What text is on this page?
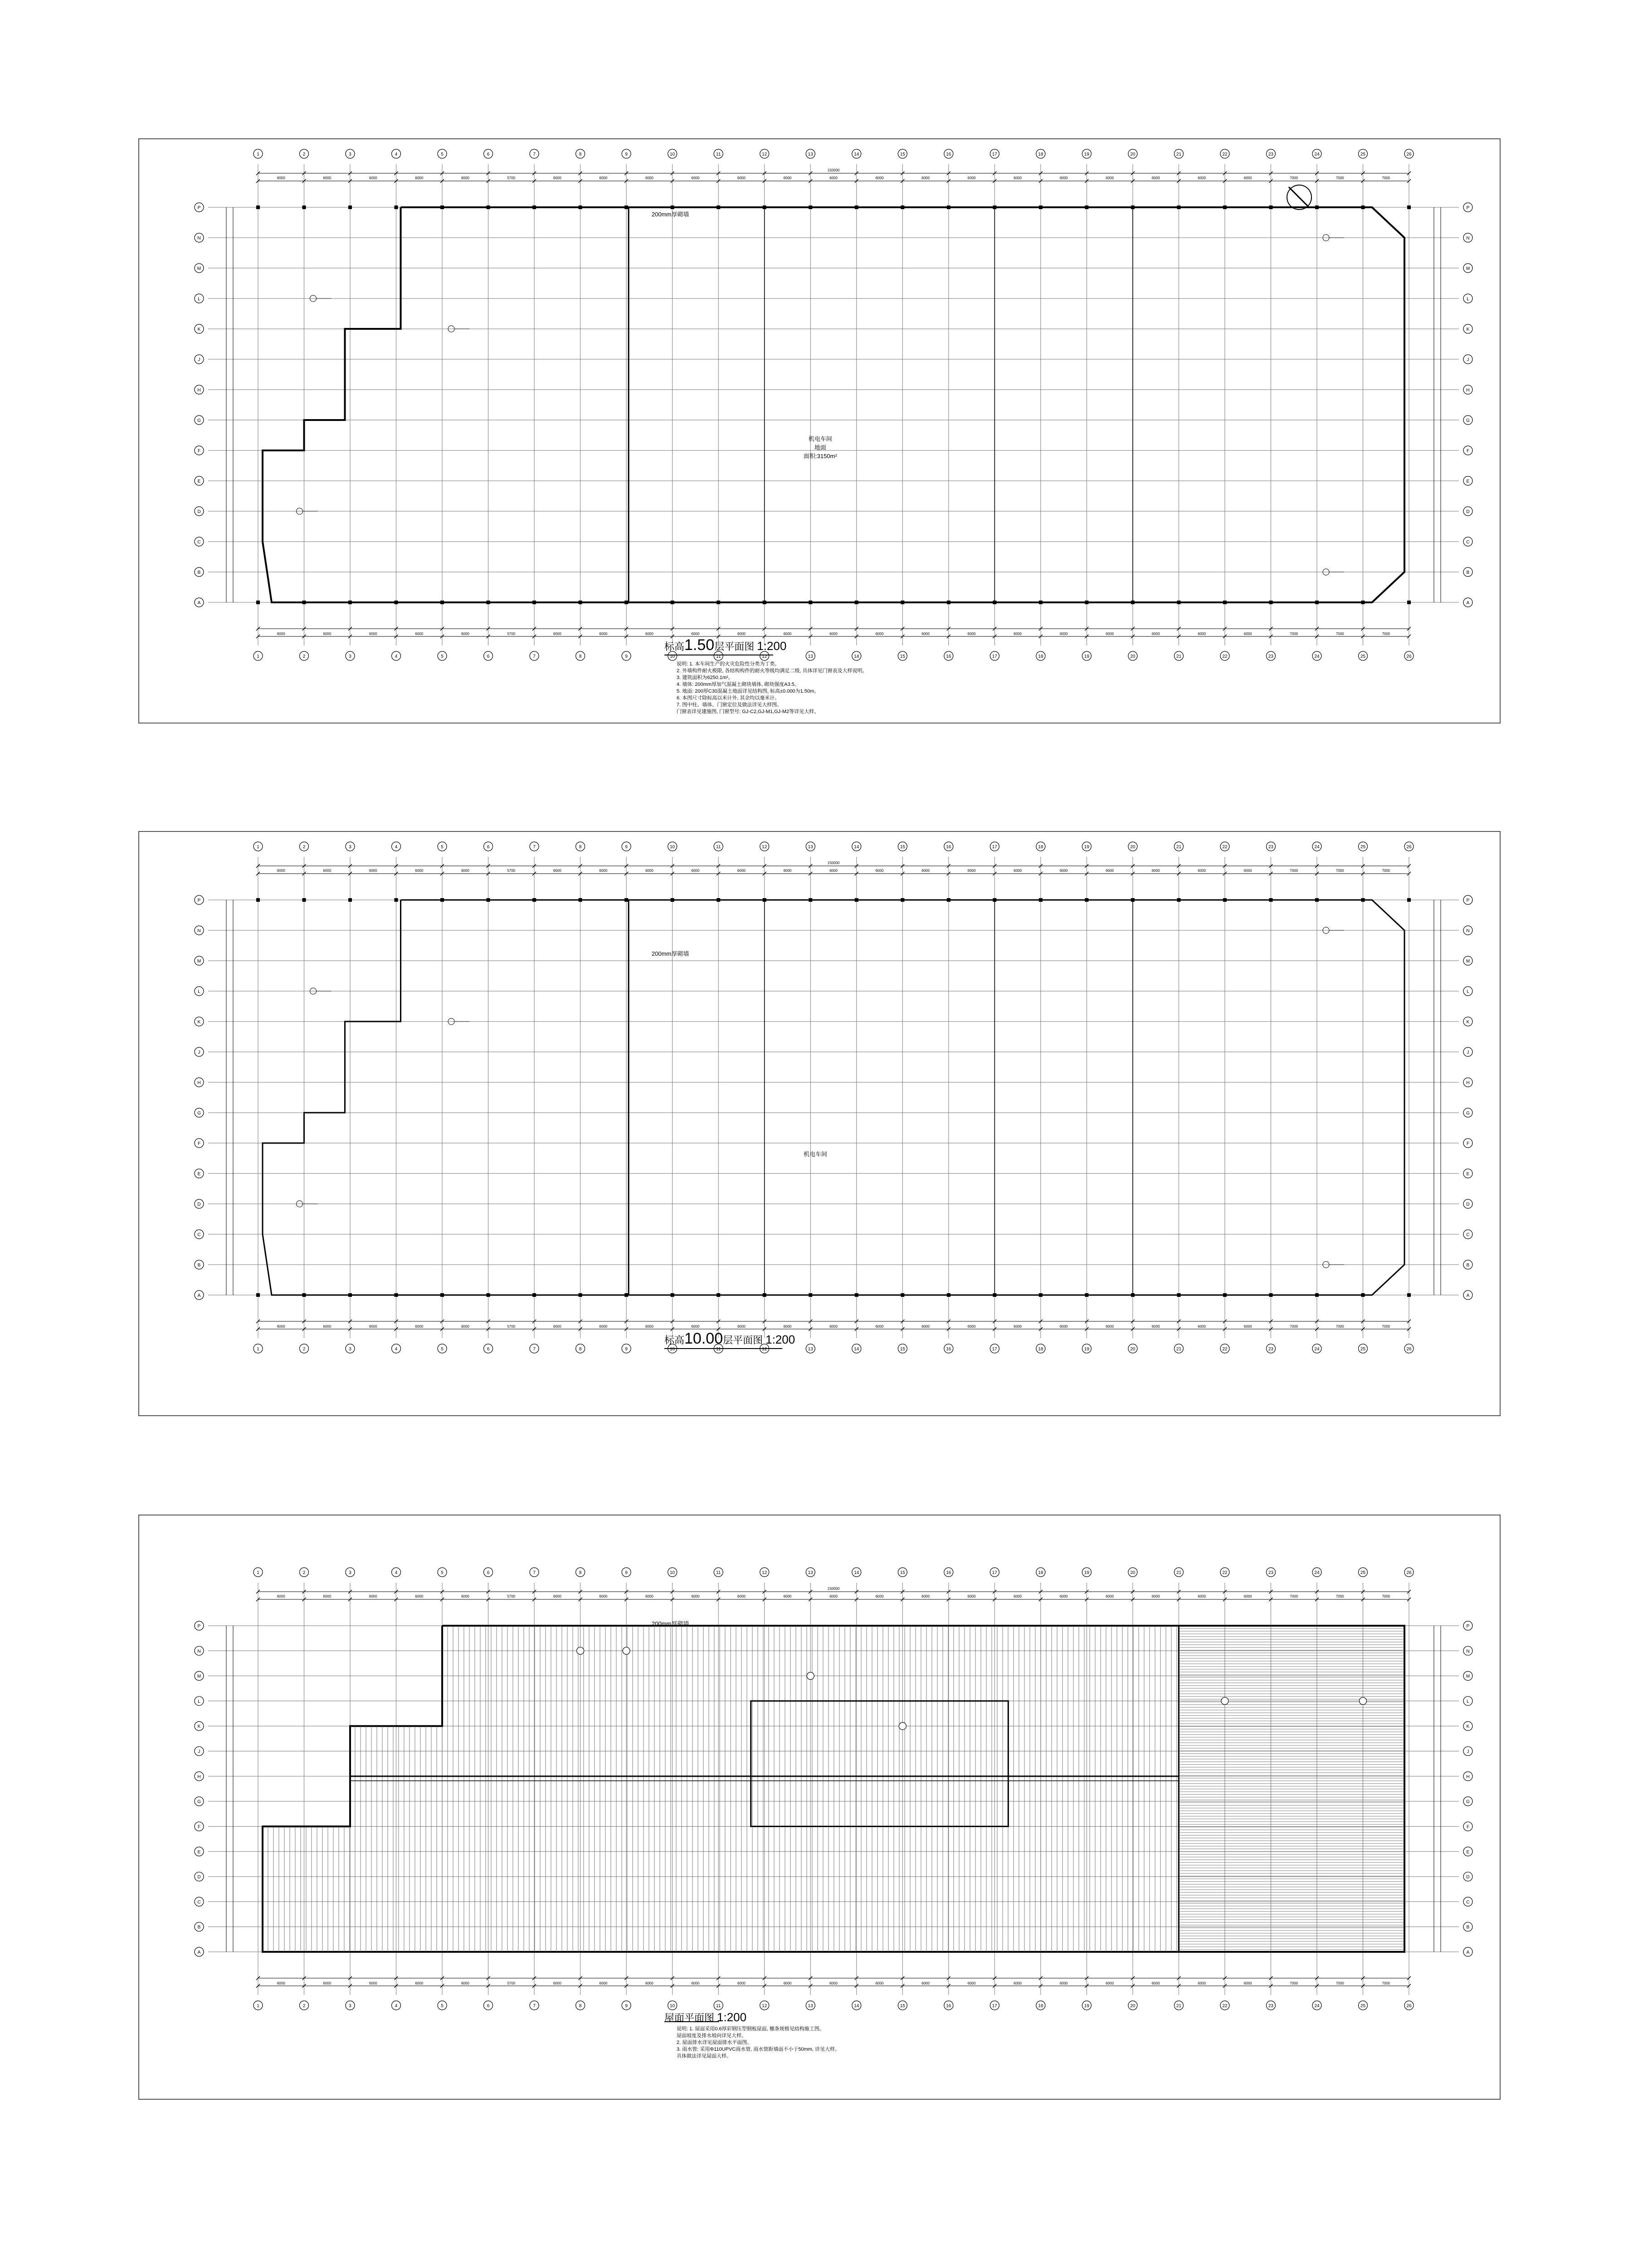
1
1
2
2
3
3
4
4
5
5
6
6
7
7
8
8
9
9
10
10
11
11
12
12
13
13
14
14
15
15
16
16
17
17
18
18
19
19
20
20
21
21
22
22
23
23
24
24
25
25
26
26
A	A
B	B
C	C
D	D
E	E
F	F
G	G
H	H
J	J
K	K
L	L
M	M
N	N
P	P
6000
6000
6000
6000
6000
6000
6000
6000
6000
6000
5700
5700
6000
6000
6000
6000
6000
6000
6000
6000
6000
6000
6000
6000
6000
6000
6000
6000
6000
6000
6000
6000
6000
6000
6000
6000
6000
6000
6000
6000
6000
6000
6000
6000
7000
7000
7000
7000
7000
7000
150000
机电车间
地面
面积:3150m²
200mm厚砌墙
标高1.50层平面图 1:200
说明: 1. 本车间生产的火灾危险性分类为丁类。
2. 外墙构件耐火极限, 各结构构件的耐火等级均满足二级, 具体详见门窗表及大样说明。
3. 建筑面积为6250.1m²。
4. 墙体: 200mm厚加气混凝土砌块墙体, 砌块强度A3.5。
5. 地面: 200厚C30混凝土地面详见结构图, 标高±0.000为1.50m。
6. 本图尺寸除标高以米计外, 其余均以毫米计。
7. 图中柱、墙体、门窗定位及做法详见大样图。
门窗表详见建施图, 门窗型号: GJ-C2,GJ-M1,GJ-M2等详见大样。
1
1
2
2
3
3
4
4
5
5
6
6
7
7
8
8
9
9
10
10
11
11
12
12
13
13
14
14
15
15
16
16
17
17
18
18
19
19
20
20
21
21
22
22
23
23
24
24
25
25
26
26
A	A
B	B
C	C
D	D
E	E
F	F
G	G
H	H
J	J
K	K
L	L
M	M
N	N
P	P
6000
6000
6000
6000
6000
6000
6000
6000
6000
6000
5700
5700
6000
6000
6000
6000
6000
6000
6000
6000
6000
6000
6000
6000
6000
6000
6000
6000
6000
6000
6000
6000
6000
6000
6000
6000
6000
6000
6000
6000
6000
6000
6000
6000
7000
7000
7000
7000
7000
7000
150000
机电车间
200mm厚砌墙
标高10.00层平面图 1:200
1
1
2
2
3
3
4
4
5
5
6
6
7
7
8
8
9
9
10
10
11
11
12
12
13
13
14
14
15
15
16
16
17
17
18
18
19
19
20
20
21
21
22
22
23
23
24
24
25
25
26
26
A	A
B	B
C	C
D	D
E	E
F	F
G	G
H	H
J	J
K	K
L	L
M	M
N	N
P	P
6000
6000
6000
6000
6000
6000
6000
6000
6000
6000
5700
5700
6000
6000
6000
6000
6000
6000
6000
6000
6000
6000
6000
6000
6000
6000
6000
6000
6000
6000
6000
6000
6000
6000
6000
6000
6000
6000
6000
6000
6000
6000
6000
6000
7000
7000
7000
7000
7000
7000
150000
200mm厚砌墙
屋面平面图 1:200
说明: 1. 屋面采用0.6厚彩钢压型钢板屋面, 檩条规格见结构施工图。
屋面坡度及排水坡向详见大样。
2. 屋面排水详见屋面排水平面图。
3. 雨水管: 采用Φ110UPVC雨水管, 雨水管距墙面不小于50mm, 详见大样。
具体做法详见屋面大样。
